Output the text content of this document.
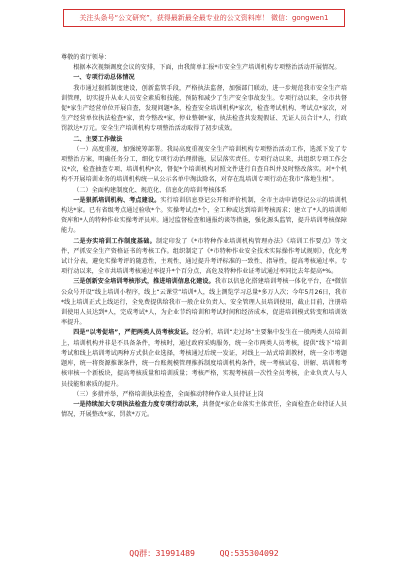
关注头条号“公文研究”，获得最新最全最专业的公文资料库！ 微信：gongwen1

尊敬的省厅领导：

根据本次视频调度会议的安排，下面，由我简单汇报*市安全生产培训机构专项整治活动开展情况。

一、专项行动总体情况

我市通过狠抓制度建设，创新监管手段，严格执法监督，加强部门联动，进一步规范我市安全生产培训管理，切实提升从业人员安全素质和技能，预防和减少了生产安全事故发生。专项行动以来，全市共督促*家生产经营单位开展自查，发现问题*条，检查安全培训机构*家次，检查考试机构、考试点*家次，对生产经营单位执法检查*家，责令整改*家，停业整顿*家，执法检查共发现假证、无证人员合计*人，行政罚款达*万元。安全生产培训机构专项整治活动取得了初步成效。

二、主要工作做法

（一）高度重视，加强统筹部署。我局高度重视安全生产培训机构专项整治活动工作，选派下发了专项整治方案，明确任务分工，细化专项行动治理措施，层层落实责任。专项行动以来，共组织专项工作会议*次，检查抽查专项、培训机构*次，督促*个培训机构对照文件进行自查自纠并及时整改落实。对*个机构不开展培训业务的培训机构统一从公示名单中淘汰除名，对存在乱培训专项行动在我市“落地生根”。

（二）全面构建制度化、规范化、信息化的培训考核体系

一是狠抓培训机构、考点建设。实行培训信息登记公开和评价机制，全市主动申请登记公示的培训机构达*家。已有省级考点通过验收*个。实操考试点*个，全工种或达到培训考核需求；建立了*人的培训师资库和*人的特种作业实操考评员库。通过监督检查和通报约谈等措施，强化源头监管，提升培训考核保障能力。

二是夯实培训工作制度基础。制定印发了《*市特种作业培训机构管理办法》《培训工作要点》等文件，严抓安全生产资格证书的考核工作。组织制定了《*市特种作业安全技术实际操作考试规则》，优化考试计分表，避免实操考评的随意性，主观性，通过提升考评标准的一致性、指导性，提高考核通过率。专项行动以来，全市共培训考核通过率提升*个百分点，高危及特种作业证考试通过率同比去年提高*%。

三是创新安全培训考核形式，推进培训信息化建设。我市以信息化搭建培训考核一体化平台，在*微信公众号开设“线上培训小程序，线上“云课堂”培训*人，线上测览学习总量*多万人次；今年5月26日，我市*线上培训正式上线运行，全免费提供给我市一般企业负责人、安全管理人员培训使用，截止目前，注册培训使用人员达到*人，完成考试*人，为企业节约培训和考试时间和经济成本，促进培训模式转变和培训效率提升。

四是“以考促培”，严把两类人员考核发证。经分析，培训“走过场”主要集中发生在一般两类人员培训上，培训机构并非是不具备条件，考核时，通过政府采购服务，统一全市两类人员考核，提供“线下”培训考试和线上培训考试两种方式供企业选择，考核通过后统一发证，对线上一站式培训教材，统一全市考题题库，统一将资源推课条件，统一台账规模管理推拆制度培训机构条件，统一考核试卷、讲解、培训和考核审核一个新板块，提高考核质量和培训质量；考核严格，实现考核前一次性全员考核，企业负责人与人员技能和素质的提升。

（三）多措并举，严格培训执法检查，全面推动特种作业人员持证上岗

一是持续加大专项执法检查力度专项行动以来，共督促*家企业落实主体责任，全面检查企业持证人员情况，开展整改*家，罚款*万元。

QQ群：31991489     QQ:535304092
